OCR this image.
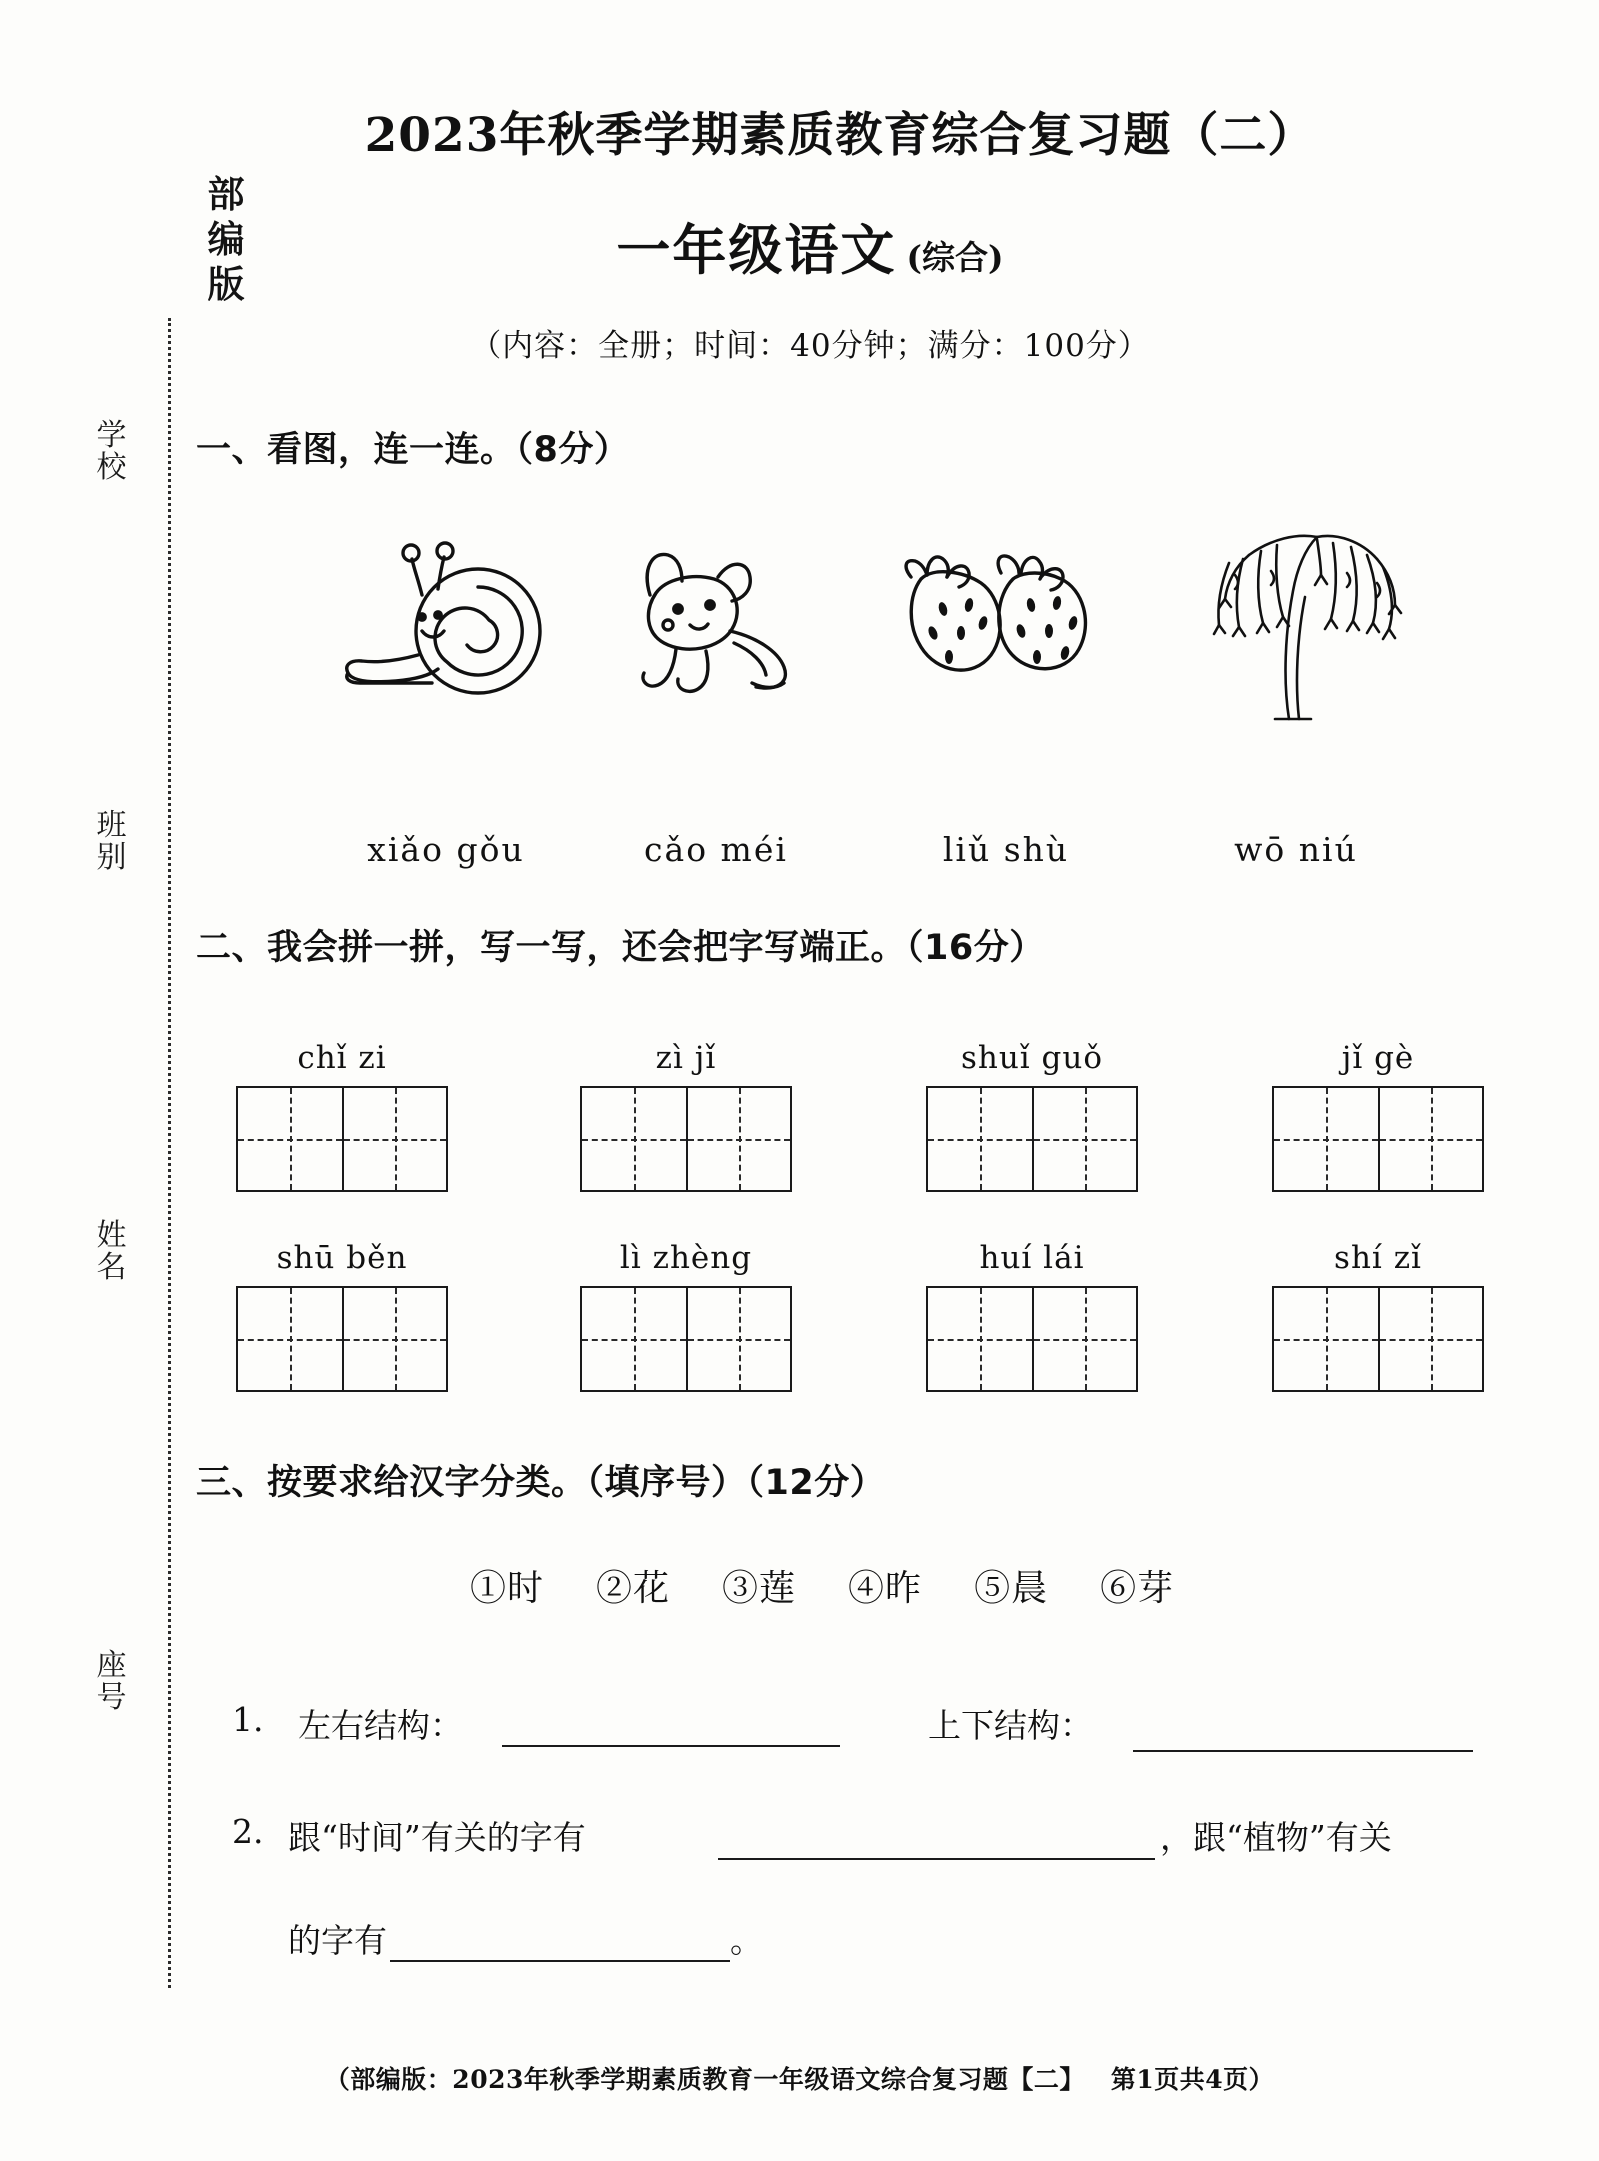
学
校
班
别
姓
名
座
号
部
编
版
2023年秋季学期素质教育综合复习题（二）
一年级语文 (综合)
（内容：全册；时间：40分钟；满分：100分）
一、看图，连一连。（8分）
xiǎo gǒu	cǎo méi	liǔ shù	wō niú
二、我会拼一拼，写一写，还会把字写端正。（16分）
chǐ zi	zì jǐ	shuǐ guǒ	jǐ gè
shū běn	lì zhèng	huí lái	shí zǐ
三、按要求给汉字分类。（填序号）（12分）
①时 ②花 ③莲 ④昨 ⑤晨 ⑥芽
1. 左右结构：	上下结构：
2. 跟“时间”有关的字有	，跟“植物”有关
的字有	。
（部编版：2023年秋季学期素质教育一年级语文综合复习题【二】 第1页共4页）
